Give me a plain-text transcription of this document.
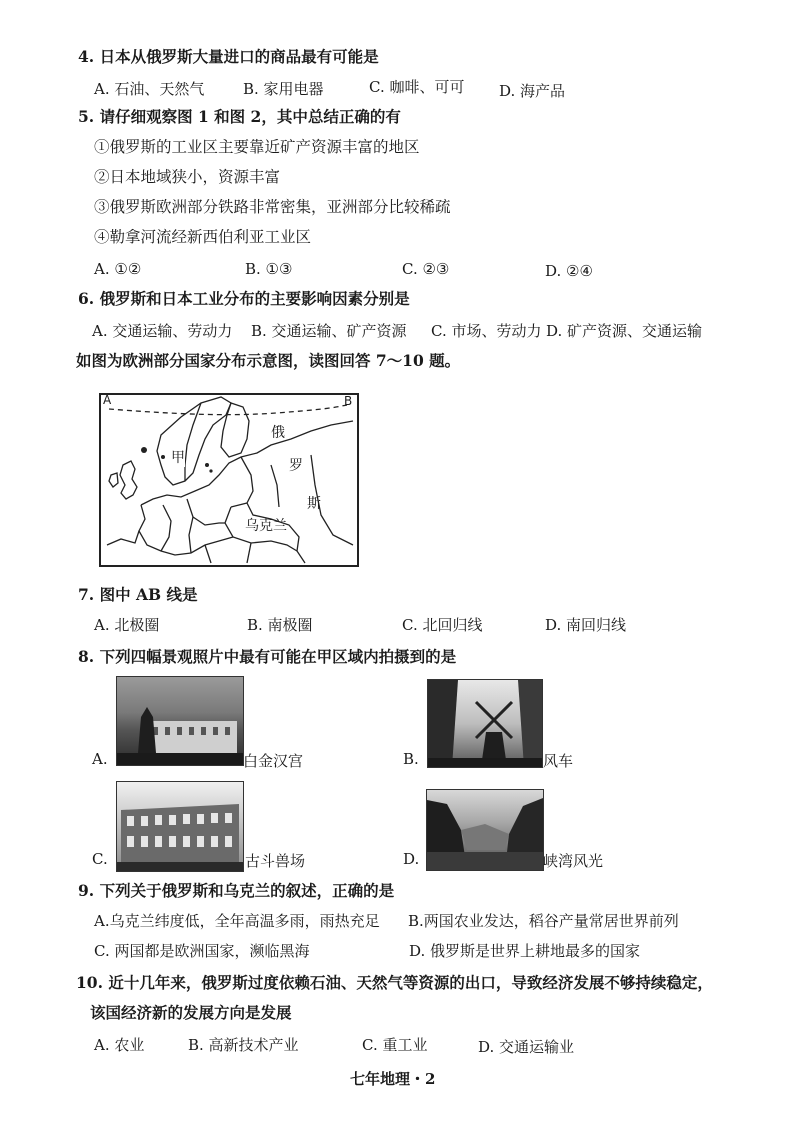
4. 日本从俄罗斯大量进口的商品最有可能是
A. 石油、天然气	B. 家用电器	C. 咖啡、可可 D. 海产品
5. 请仔细观察图 1 和图 2，其中总结正确的有
①俄罗斯的工业区主要靠近矿产资源丰富的地区
②日本地域狭小，资源丰富
③俄罗斯欧洲部分铁路非常密集，亚洲部分比较稀疏
④勒拿河流经新西伯利亚工业区
A. ①②	B. ①③	C. ②③	D. ②④
6. 俄罗斯和日本工业分布的主要影响因素分别是
A. 交通运输、劳动力 B. 交通运输、矿产资源 C. 市场、劳动力 D. 矿产资源、交通运输
如图为欧洲部分国家分布示意图，读图回答 7～10 题。
A	B
甲
俄
罗
斯
乌克兰
7. 图中 AB 线是
A. 北极圈	B. 南极圈	C. 北回归线	D. 南回归线
8. 下列四幅景观照片中最有可能在甲区域内拍摄到的是
A.	白金汉宫	B.	风车
C.	古斗兽场	D.	峡湾风光
9. 下列关于俄罗斯和乌克兰的叙述，正确的是
A.乌克兰纬度低，全年高温多雨，雨热充足 B.两国农业发达，稻谷产量常居世界前列
C. 两国都是欧洲国家，濒临黑海	D. 俄罗斯是世界上耕地最多的国家
10. 近十几年来，俄罗斯过度依赖石油、天然气等资源的出口，导致经济发展不够持续稳定，
该国经济新的发展方向是发展
A. 农业	B. 高新技术产业	C. 重工业	D. 交通运输业
七年地理・2
